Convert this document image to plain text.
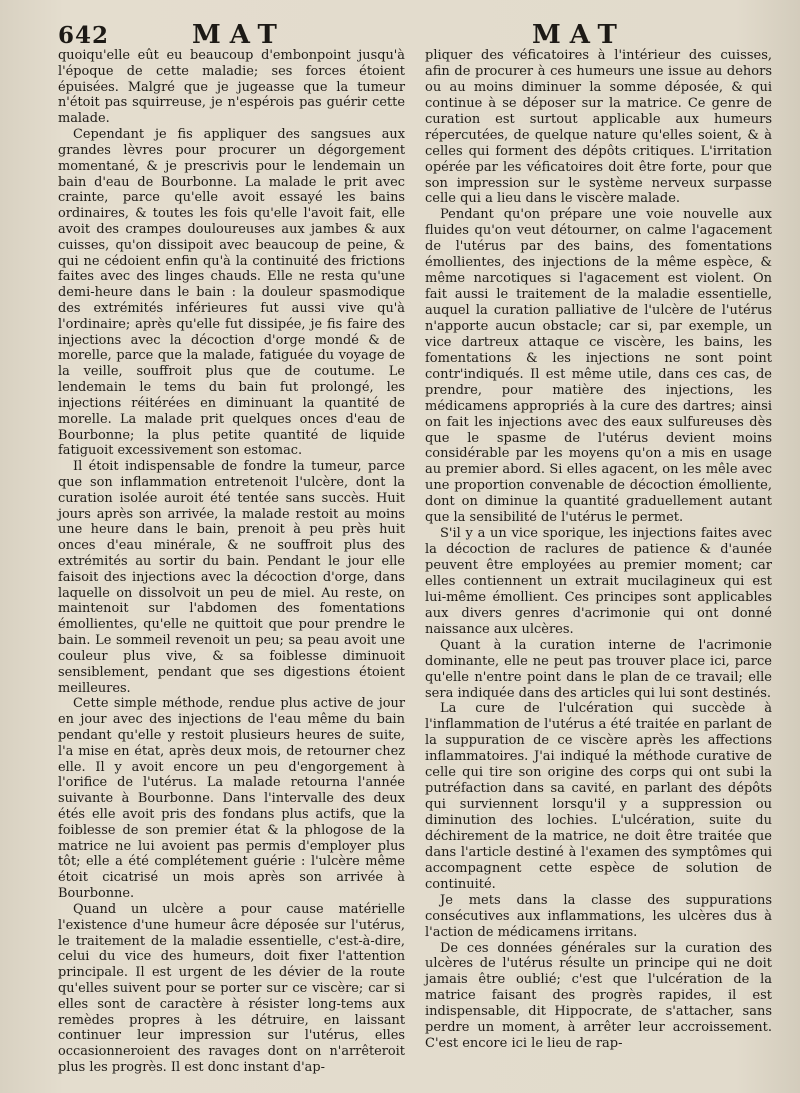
642	MAT	MAT

quoiqu'elle eût eu beaucoup d'embonpoint jusqu'à l'époque de cette maladie; ses forces étoient épuisées. Malgré que je jugeasse que la tumeur n'étoit pas squirreuse, je n'espérois pas guérir cette malade.

Cependant je fis appliquer des sangsues aux grandes lèvres pour procurer un dégorgement momentané, & je prescrivis pour le lendemain un bain d'eau de Bourbonne. La malade le prit avec crainte, parce qu'elle avoit essayé les bains ordinaires, & toutes les fois qu'elle l'avoit fait, elle avoit des crampes douloureuses aux jambes & aux cuisses, qu'on dissipoit avec beaucoup de peine, & qui ne cédoient enfin qu'à la continuité des frictions faites avec des linges chauds. Elle ne resta qu'une demi-heure dans le bain : la douleur spasmodique des extrémités inférieures fut aussi vive qu'à l'ordinaire; après qu'elle fut dissipée, je fis faire des injections avec la décoction d'orge mondé & de morelle, parce que la malade, fatiguée du voyage de la veille, souffroit plus que de coutume. Le lendemain le tems du bain fut prolongé, les injections réitérées en diminuant la quantité de morelle. La malade prit quelques onces d'eau de Bourbonne; la plus petite quantité de liquide fatiguoit excessivement son estomac.

Il étoit indispensable de fondre la tumeur, parce que son inflammation entretenoit l'ulcère, dont la curation isolée auroit été tentée sans succès. Huit jours après son arrivée, la malade restoit au moins une heure dans le bain, prenoit à peu près huit onces d'eau minérale, & ne souffroit plus des extrémités au sortir du bain. Pendant le jour elle faisoit des injections avec la décoction d'orge, dans laquelle on dissolvoit un peu de miel. Au reste, on maintenoit sur l'abdomen des fomentations émollientes, qu'elle ne quittoit que pour prendre le bain. Le sommeil revenoit un peu; sa peau avoit une couleur plus vive, & sa foiblesse diminuoit sensiblement, pendant que ses digestions étoient meilleures.

Cette simple méthode, rendue plus active de jour en jour avec des injections de l'eau même du bain pendant qu'elle y restoit plusieurs heures de suite, l'a mise en état, après deux mois, de retourner chez elle. Il y avoit encore un peu d'engorgement à l'orifice de l'utérus. La malade retourna l'année suivante à Bourbonne. Dans l'intervalle des deux étés elle avoit pris des fondans plus actifs, que la foiblesse de son premier état & la phlogose de la matrice ne lui avoient pas permis d'employer plus tôt; elle a été complétement guérie : l'ulcère même étoit cicatrisé un mois après son arrivée à Bourbonne.

Quand un ulcère a pour cause matérielle l'existence d'une humeur âcre déposée sur l'utérus, le traitement de la maladie essentielle, c'est-à-dire, celui du vice des humeurs, doit fixer l'attention principale. Il est urgent de les dévier de la route qu'elles suivent pour se porter sur ce viscère; car si elles sont de caractère à résister long-tems aux remèdes propres à les détruire, en laissant continuer leur impression sur l'utérus, elles occasionneroient des ravages dont on n'arrêteroit plus les progrès. Il est donc instant d'ap-

pliquer des véficatoires à l'intérieur des cuisses, afin de procurer à ces humeurs une issue au dehors ou au moins diminuer la somme déposée, & qui continue à se déposer sur la matrice. Ce genre de curation est surtout applicable aux humeurs répercutées, de quelque nature qu'elles soient, & à celles qui forment des dépôts critiques. L'irritation opérée par les véficatoires doit être forte, pour que son impression sur le système nerveux surpasse celle qui a lieu dans le viscère malade.

Pendant qu'on prépare une voie nouvelle aux fluides qu'on veut détourner, on calme l'agacement de l'utérus par des bains, des fomentations émollientes, des injections de la même espèce, & même narcotiques si l'agacement est violent. On fait aussi le traitement de la maladie essentielle, auquel la curation palliative de l'ulcère de l'utérus n'apporte aucun obstacle; car si, par exemple, un vice dartreux attaque ce viscère, les bains, les fomentations & les injections ne sont point contr'indiqués. Il est même utile, dans ces cas, de prendre, pour matière des injections, les médicamens appropriés à la cure des dartres; ainsi on fait les injections avec des eaux sulfureuses dès que le spasme de l'utérus devient moins considérable par les moyens qu'on a mis en usage au premier abord. Si elles agacent, on les mêle avec une proportion convenable de décoction émolliente, dont on diminue la quantité graduellement autant que la sensibilité de l'utérus le permet.

S'il y a un vice sporique, les injections faites avec la décoction de raclures de patience & d'aunée peuvent être employées au premier moment; car elles contiennent un extrait mucilagineux qui est lui-même émollient. Ces principes sont applicables aux divers genres d'acrimonie qui ont donné naissance aux ulcères.

Quant à la curation interne de l'acrimonie dominante, elle ne peut pas trouver place ici, parce qu'elle n'entre point dans le plan de ce travail; elle sera indiquée dans des articles qui lui sont destinés.

La cure de l'ulcération qui succède à l'inflammation de l'utérus a été traitée en parlant de la suppuration de ce viscère après les affections inflammatoires. J'ai indiqué la méthode curative de celle qui tire son origine des corps qui ont subi la putréfaction dans sa cavité, en parlant des dépôts qui surviennent lorsqu'il y a suppression ou diminution des lochies. L'ulcération, suite du déchirement de la matrice, ne doit être traitée que dans l'article destiné à l'examen des symptômes qui accompagnent cette espèce de solution de continuité.

Je mets dans la classe des suppurations consécutives aux inflammations, les ulcères dus à l'action de médicamens irritans.

De ces données générales sur la curation des ulcères de l'utérus résulte un principe qui ne doit jamais être oublié; c'est que l'ulcération de la matrice faisant des progrès rapides, il est indispensable, dit Hippocrate, de s'attacher, sans perdre un moment, à arrêter leur accroissement. C'est encore ici le lieu de rap-
